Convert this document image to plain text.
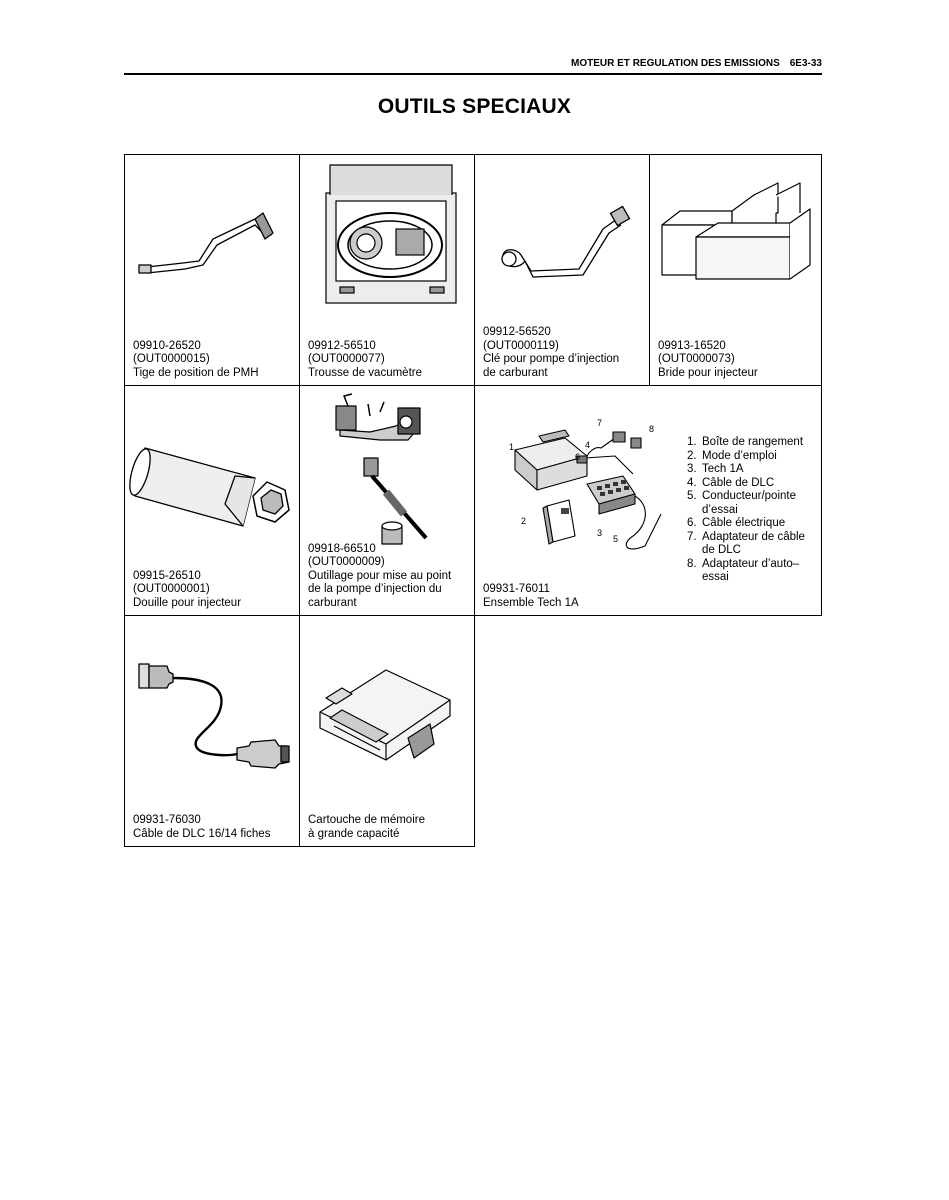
MOTEUR ET REGULATION DES EMISSIONS 6E3-33
OUTILS SPECIAUX
09910-26520
(OUT0000015)
Tige de position de PMH
09912-56510
(OUT0000077)
Trousse de vacumètre
09912-56520
(OUT0000119)
Clé pour pompe d’injection
de carburant
09913-16520
(OUT0000073)
Bride pour injecteur
09915-26510
(OUT0000001)
Douille pour injecteur
09918-66510
(OUT0000009)
Outillage pour mise au point
de la pompe d’injection du
carburant
1
2
3
4
5
6
7
8
09931-76011
Ensemble Tech 1A
1. Boîte de rangement
2. Mode d’emploi
3. Tech 1A
4. Câble de DLC
5. Conducteur/pointe
d’essai
6. Câble électrique
7. Adaptateur de câble
de DLC
8. Adaptateur d’auto–
essai
09931-76030
Câble de DLC 16/14 fiches
Cartouche de mémoire
à grande capacité
